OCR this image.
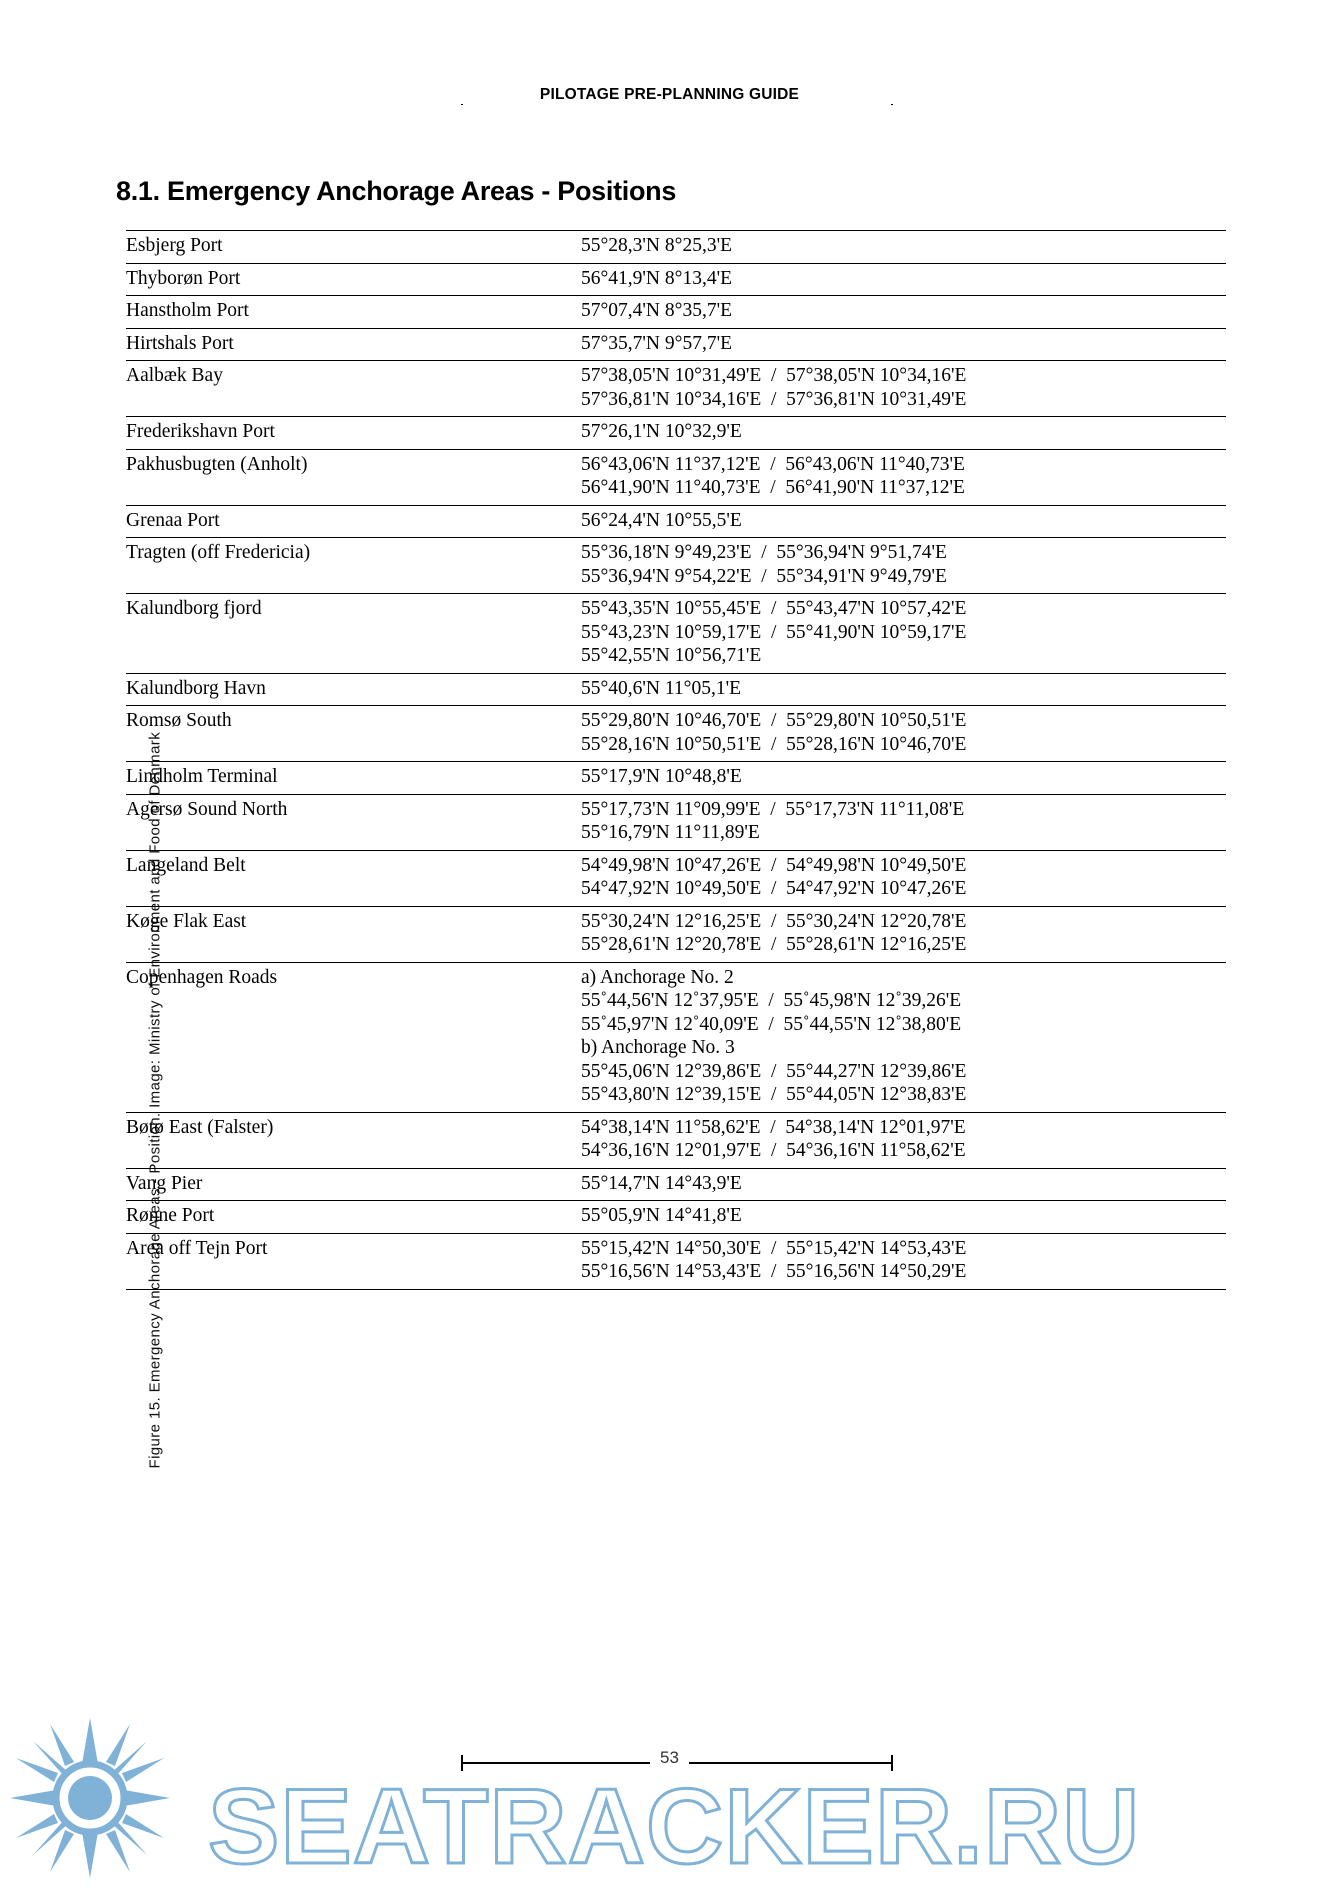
PILOTAGE PRE-PLANNING GUIDE
8.1. Emergency Anchorage Areas - Positions
Figure 15. Emergency Anchorage Areas - Position. Image: Ministry of Environment and Food of Denmark
Esbjerg Port	55°28,3'N 8°25,3'E

Thyborøn Port	56°41,9'N 8°13,4'E

Hanstholm Port	57°07,4'N 8°35,7'E

Hirtshals Port	57°35,7'N 9°57,7'E

Aalbæk Bay	57°38,05'N 10°31,49'E  /  57°38,05'N 10°34,16'E
57°36,81'N 10°34,16'E  /  57°36,81'N 10°31,49'E

Frederikshavn Port	57°26,1'N 10°32,9'E

Pakhusbugten (Anholt)	56°43,06'N 11°37,12'E  /  56°43,06'N 11°40,73'E
56°41,90'N 11°40,73'E  /  56°41,90'N 11°37,12'E

Grenaa Port	56°24,4'N 10°55,5'E

Tragten (off Fredericia)	55°36,18'N 9°49,23'E  /  55°36,94'N 9°51,74'E
55°36,94'N 9°54,22'E  /  55°34,91'N 9°49,79'E

Kalundborg fjord	55°43,35'N 10°55,45'E  /  55°43,47'N 10°57,42'E
55°43,23'N 10°59,17'E  /  55°41,90'N 10°59,17'E
55°42,55'N 10°56,71'E

Kalundborg Havn	55°40,6'N 11°05,1'E

Romsø South	55°29,80'N 10°46,70'E  /  55°29,80'N 10°50,51'E
55°28,16'N 10°50,51'E  /  55°28,16'N 10°46,70'E

Lindholm Terminal	55°17,9'N 10°48,8'E

Agersø Sound North	55°17,73'N 11°09,99'E  /  55°17,73'N 11°11,08'E
55°16,79'N 11°11,89'E

Langeland Belt	54°49,98'N 10°47,26'E  /  54°49,98'N 10°49,50'E
54°47,92'N 10°49,50'E  /  54°47,92'N 10°47,26'E

Køge Flak East	55°30,24'N 12°16,25'E  /  55°30,24'N 12°20,78'E
55°28,61'N 12°20,78'E  /  55°28,61'N 12°16,25'E

Copenhagen Roads	a) Anchorage No. 2
55˚44,56'N 12˚37,95'E  /  55˚45,98'N 12˚39,26'E
55˚45,97'N 12˚40,09'E  /  55˚44,55'N 12˚38,80'E
b) Anchorage No. 3
55°45,06'N 12°39,86'E  /  55°44,27'N 12°39,86'E
55°43,80'N 12°39,15'E  /  55°44,05'N 12°38,83'E

Bøtø East (Falster)	54°38,14'N 11°58,62'E  /  54°38,14'N 12°01,97'E
54°36,16'N 12°01,97'E  /  54°36,16'N 11°58,62'E

Vang Pier	55°14,7'N 14°43,9'E

Rønne Port	55°05,9'N 14°41,8'E

Area off Tejn Port	55°15,42'N 14°50,30'E  /  55°15,42'N 14°53,43'E
55°16,56'N 14°53,43'E  /  55°16,56'N 14°50,29'E
53
SEATRACKER.RU
